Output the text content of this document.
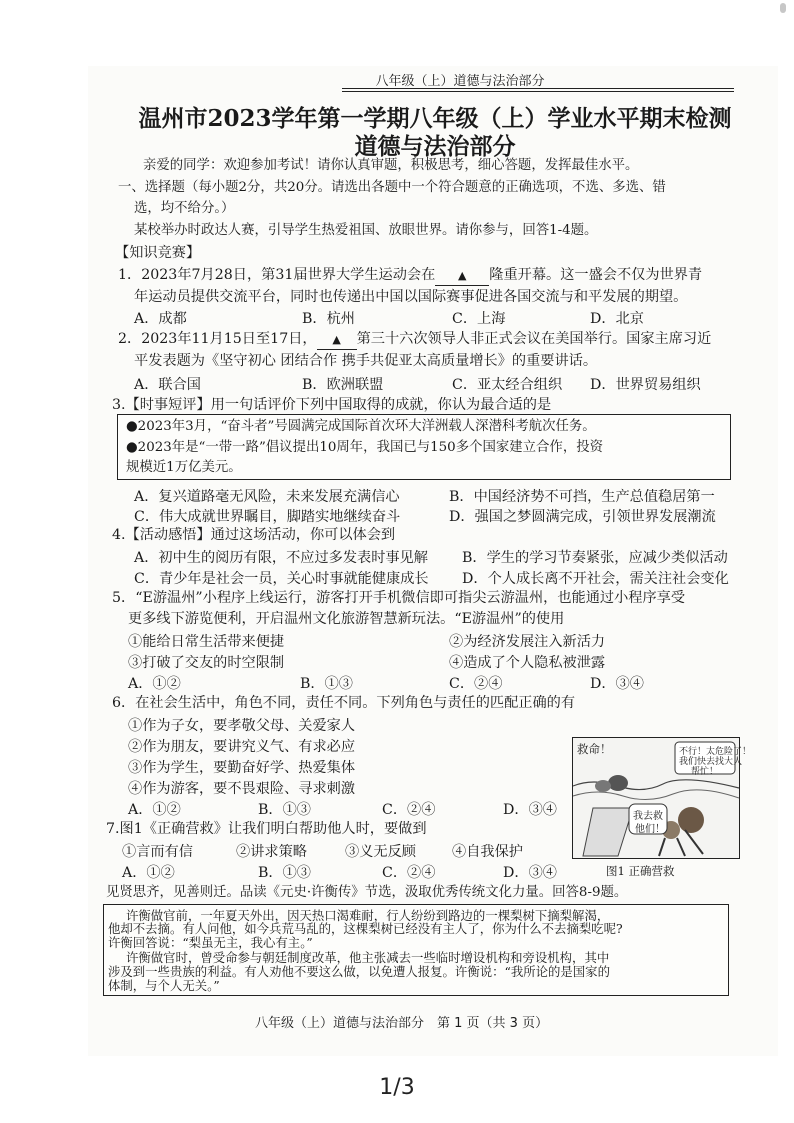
八年级（上）道德与法治部分
温州市2023学年第一学期八年级（上）学业水平期末检测
道德与法治部分
亲爱的同学：欢迎参加考试！请你认真审题，积极思考，细心答题，发挥最佳水平。
一、选择题（每小题2分，共20分。请选出各题中一个符合题意的正确选项，不选、多选、错
选，均不给分。）
某校举办时政达人赛，引导学生热爱祖国、放眼世界。请你参与，回答1-4题。
【知识竞赛】
1．2023年7月28日，第31届世界大学生运动会在 ▲ 隆重开幕。这一盛会不仅为世界青
年运动员提供交流平台，同时也传递出中国以国际赛事促进各国交流与和平发展的期望。
A．成都	B．杭州	C．上海	D．北京
2．2023年11月15日至17日， ▲ 第三十六次领导人非正式会议在美国举行。国家主席习近
平发表题为《坚守初心 团结合作 携手共促亚太高质量增长》的重要讲话。
A．联合国	B．欧洲联盟	C．亚太经合组织 D．世界贸易组织
3.【时事短评】用一句话评价下列中国取得的成就，你认为最合适的是
●2023年3月，“奋斗者”号圆满完成国际首次环大洋洲载人深潜科考航次任务。
●2023年是“一带一路”倡议提出10周年，我国已与150多个国家建立合作，投资
规模近1万亿美元。
A．复兴道路毫无风险，未来发展充满信心	B．中国经济势不可挡，生产总值稳居第一
C．伟大成就世界瞩目，脚踏实地继续奋斗	D．强国之梦圆满完成，引领世界发展潮流
4.【活动感悟】通过这场活动，你可以体会到
A．初中生的阅历有限，不应过多发表时事见解 B．学生的学习节奏紧张，应减少类似活动
C．青少年是社会一员，关心时事就能健康成长 D．个人成长离不开社会，需关注社会变化
5．“E游温州”小程序上线运行，游客打开手机微信即可指尖云游温州，也能通过小程序享受
更多线下游览便利，开启温州文化旅游智慧新玩法。“E游温州”的使用
①能给日常生活带来便捷	②为经济发展注入新活力
③打破了交友的时空限制	④造成了个人隐私被泄露
A．①②	B．①③	C．②④	D．③④
6．在社会生活中，角色不同，责任不同。下列角色与责任的匹配正确的有
①作为子女，要孝敬父母、关爱家人
②作为朋友，要讲究义气、有求必应
③作为学生，要勤奋好学、热爱集体
④作为游客，要不畏艰险、寻求刺激
A．①②	B．①③	C．②④	D．③④
7.图1《正确营救》让我们明白帮助他人时，要做到
①言而有信	②讲求策略	③义无反顾	④自我保护
A．①②	B．①③	C．②④	D．③④
救命！	不行！太危险了！
我们快去找大人
帮忙！
我去救
他们！
图1 正确营救
见贤思齐，见善则迁。品读《元史·许衡传》节选，汲取优秀传统文化力量。回答8-9题。
许衡做官前，一年夏天外出，因天热口渴难耐，行人纷纷到路边的一棵梨树下摘梨解渴，
他却不去摘。有人问他，如今兵荒马乱的，这棵梨树已经没有主人了，你为什么不去摘梨吃呢?
许衡回答说：“梨虽无主，我心有主。”
许衡做官时，曾受命参与朝廷制度改革，他主张减去一些临时增设机构和旁设机构，其中
涉及到一些贵族的利益。有人劝他不要这么做，以免遭人报复。许衡说：“我所论的是国家的
体制，与个人无关。”
八年级（上）道德与法治部分　第 1 页（共 3 页）
1/3
